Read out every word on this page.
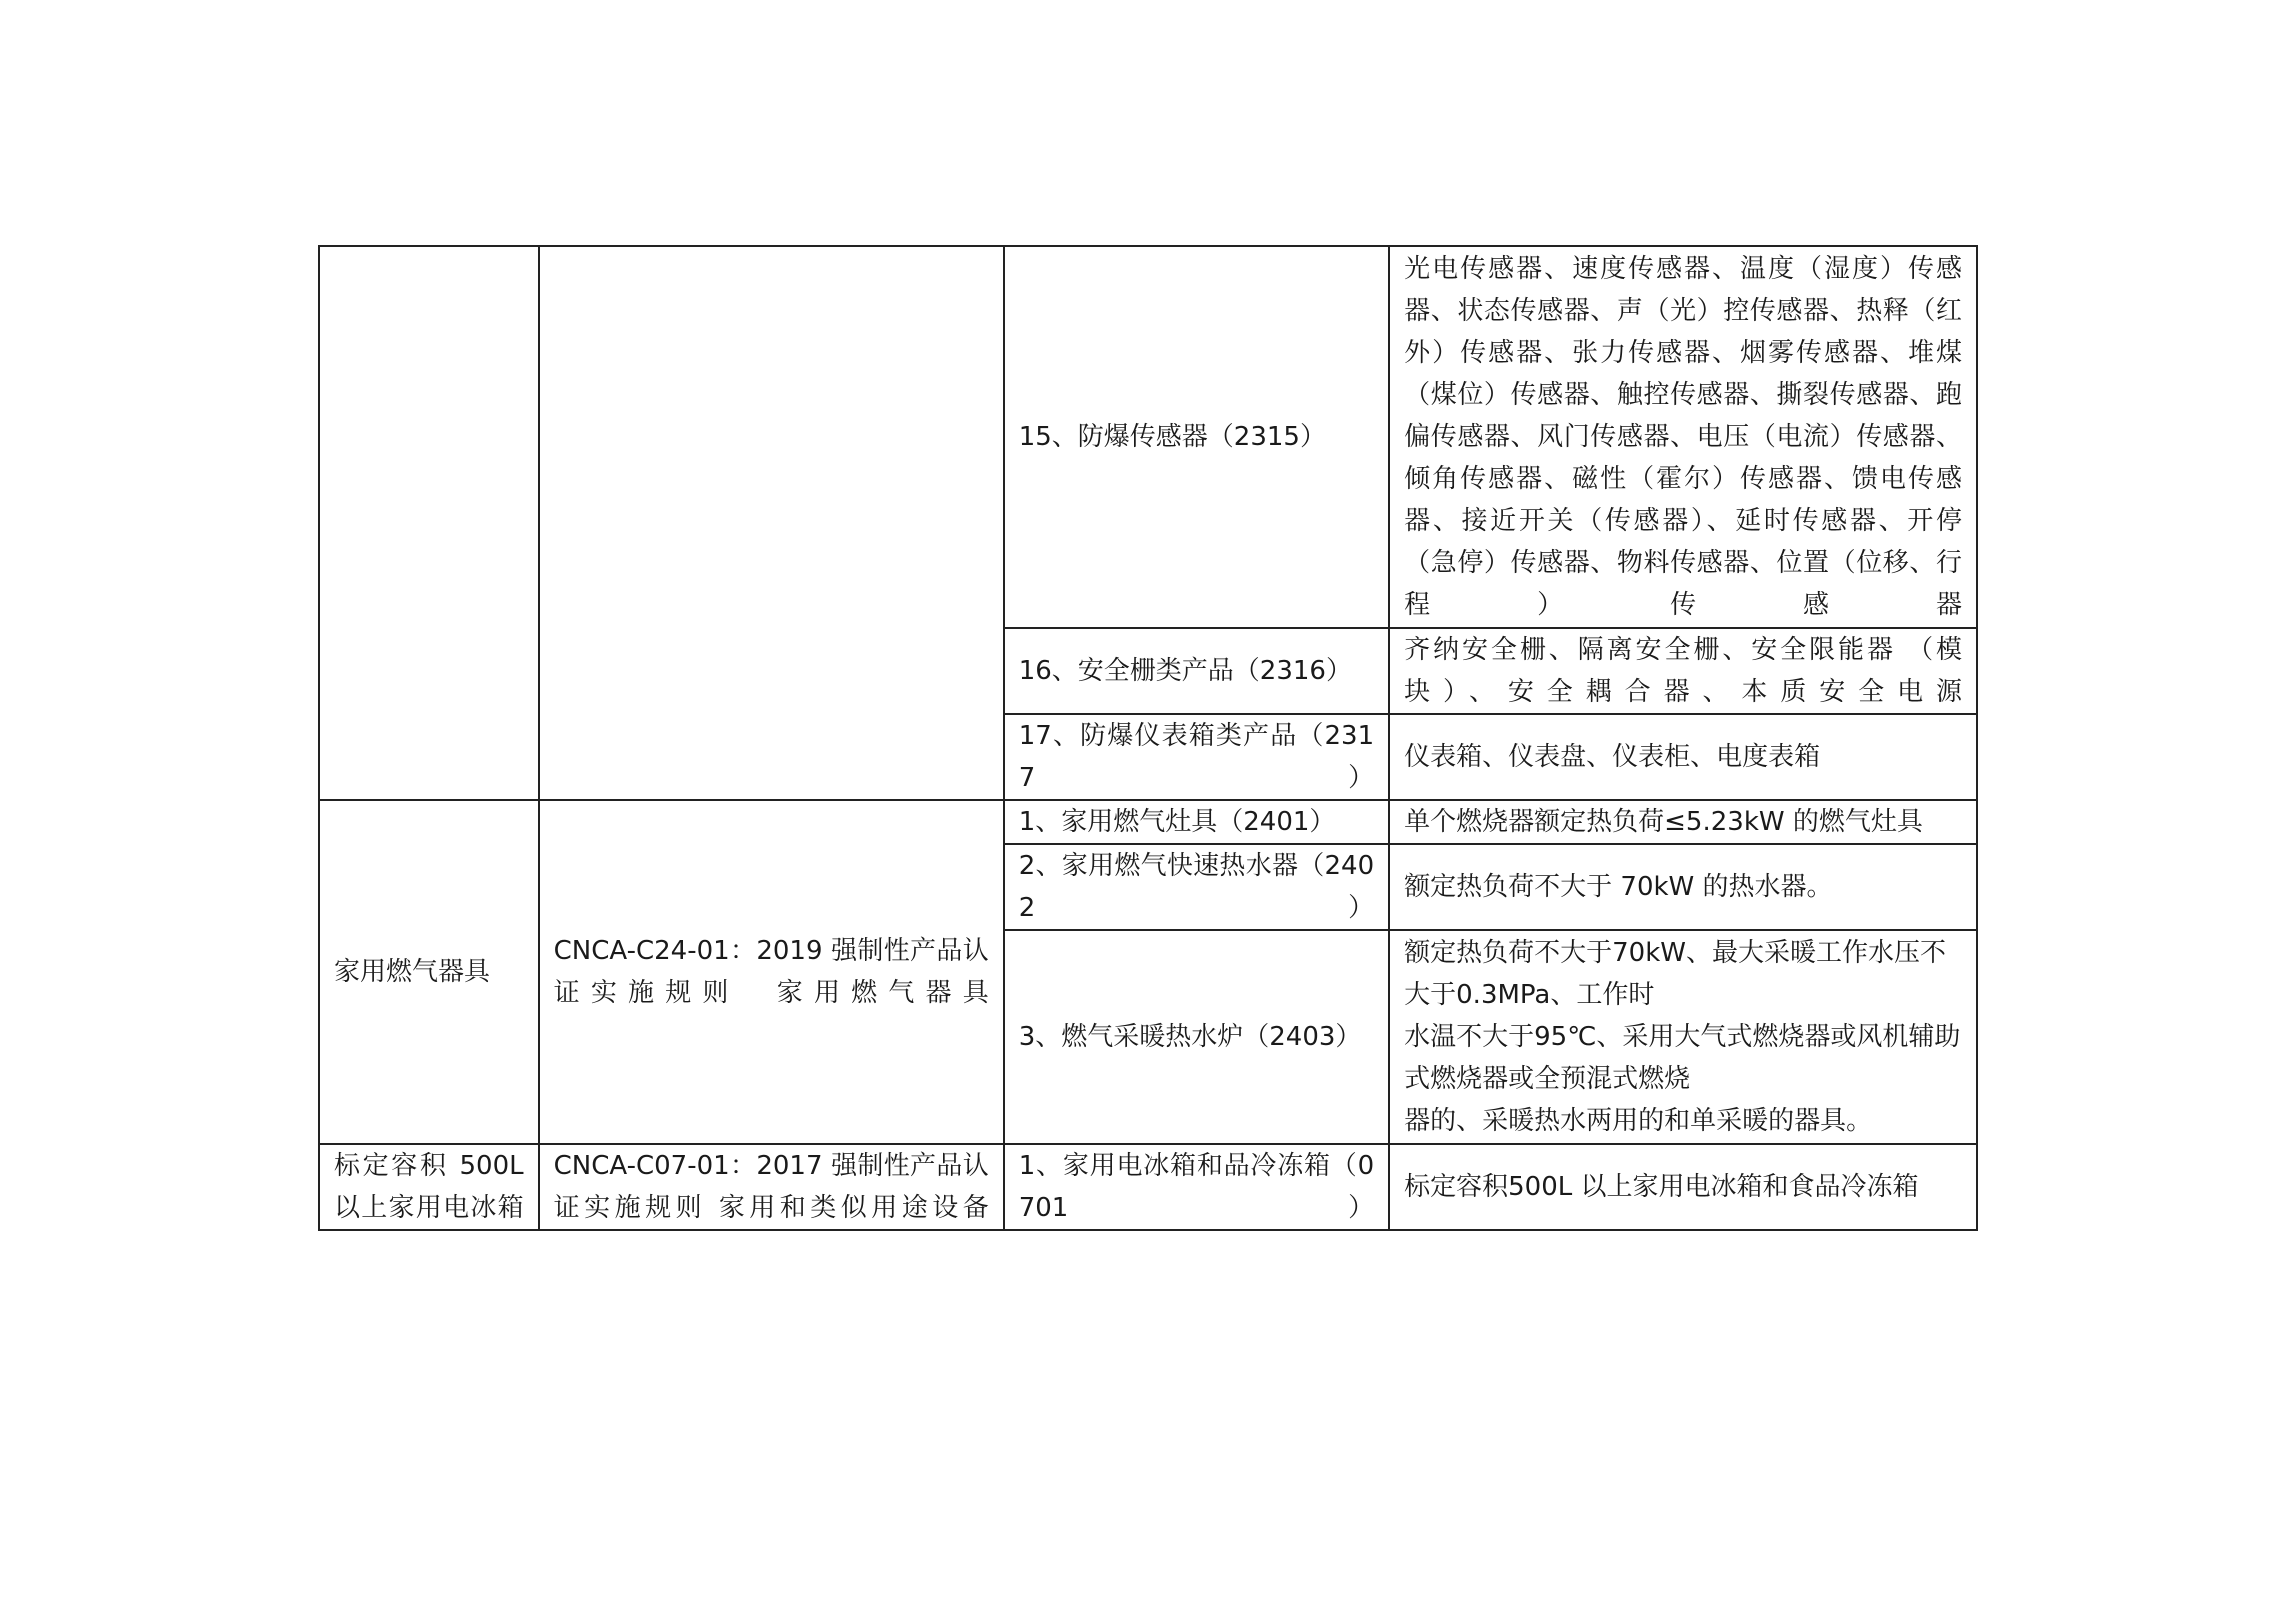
		15、防爆传感器（2315）	光电传感器、速度传感器、温度（湿度）传感器、状态传感器、声（光）控传感器、热释（红外）传感器、张力传感器、烟雾传感器、堆煤（煤位）传感器、触控传感器、撕裂传感器、跑偏传感器、风门传感器、电压（电流）传感器、倾角传感器、磁性（霍尔）传感器、馈电传感器、接近开关（传感器）、延时传感器、开停（急停）传感器、物料传感器、位置（位移、行程）传感器
		16、安全栅类产品（2316）	齐纳安全栅、隔离安全栅、安全限能器 （模块）、安全耦合器、本质安全电源
		17、防爆仪表箱类产品（2317）	仪表箱、仪表盘、仪表柜、电度表箱
家用燃气器具	CNCA-C24-01：2019 强制性产品认证实施规则　家用燃气器具	1、家用燃气灶具（2401）	单个燃烧器额定热负荷≤5.23kW 的燃气灶具
		2、家用燃气快速热水器（2402）	额定热负荷不大于 70kW 的热水器。
		3、燃气采暖热水炉（2403）	额定热负荷不大于70kW、最大采暖工作水压不大于0.3MPa、工作时
水温不大于95℃、采用大气式燃烧器或风机辅助式燃烧器或全预混式燃烧
器的、采暖热水两用的和单采暖的器具。

标定容积 500L 以上家用电冰箱	CNCA-C07-01：2017 强制性产品认证实施规则 家用和类似用途设备	1、家用电冰箱和品冷冻箱（0701）	标定容积500L 以上家用电冰箱和食品冷冻箱
